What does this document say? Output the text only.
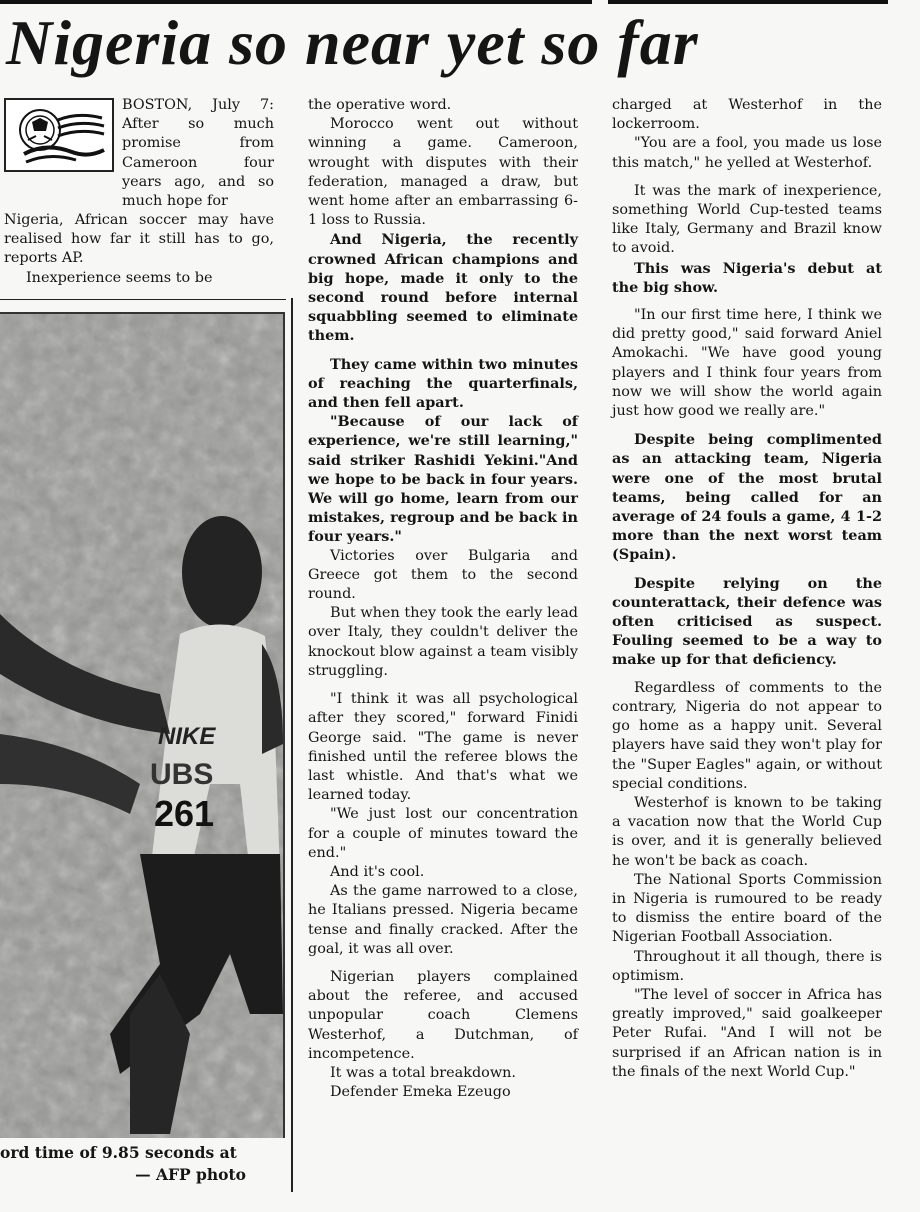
Nigeria so near yet so far

BOSTON, July 7: After so much promise from Cameroon four years ago, and so much hope for

Nigeria, African soccer may have realised how far it still has to go, reports AP.

Inexperience seems to be

NIKE
UBS
261
ord time of 9.85 seconds at
— AFP photo

the operative word.

Morocco went out without winning a game. Cameroon, wrought with disputes with their federation, managed a draw, but went home after an embarrassing 6-1 loss to Russia.

And Nigeria, the recently crowned African champions and big hope, made it only to the second round before internal squabbling seemed to eliminate them.

They came within two minutes of reaching the quarterfinals, and then fell apart.

"Because of our lack of experience, we're still learning," said striker Rashidi Yekini."And we hope to be back in four years. We will go home, learn from our mistakes, regroup and be back in four years."

Victories over Bulgaria and Greece got them to the second round.

But when they took the early lead over Italy, they couldn't deliver the knockout blow against a team visibly struggling.

"I think it was all psychological after they scored," forward Finidi George said. "The game is never finished until the referee blows the last whistle. And that's what we learned today.

"We just lost our concentration for a couple of minutes toward the end."

And it's cool.

As the game narrowed to a close, he Italians pressed. Nigeria became tense and finally cracked. After the goal, it was all over.

Nigerian players complained about the referee, and accused unpopular coach Clemens Westerhof, a Dutchman, of incompetence.

It was a total breakdown.

Defender Emeka Ezeugo

charged at Westerhof in the lockerroom.

"You are a fool, you made us lose this match," he yelled at Westerhof.

It was the mark of inexperience, something World Cup-tested teams like Italy, Germany and Brazil know to avoid.

This was Nigeria's debut at the big show.

"In our first time here, I think we did pretty good," said forward Aniel Amokachi. "We have good young players and I think four years from now we will show the world again just how good we really are."

Despite being complimented as an attacking team, Nigeria were one of the most brutal teams, being called for an average of 24 fouls a game, 4 1-2 more than the next worst team (Spain).

Despite relying on the counterattack, their defence was often criticised as suspect. Fouling seemed to be a way to make up for that deficiency.

Regardless of comments to the contrary, Nigeria do not appear to go home as a happy unit. Several players have said they won't play for the "Super Eagles" again, or without special conditions.

Westerhof is known to be taking a vacation now that the World Cup is over, and it is generally believed he won't be back as coach.

The National Sports Commission in Nigeria is rumoured to be ready to dismiss the entire board of the Nigerian Football Association.

Throughout it all though, there is optimism.

"The level of soccer in Africa has greatly improved," said goalkeeper Peter Rufai. "And I will not be surprised if an African nation is in the finals of the next World Cup."
